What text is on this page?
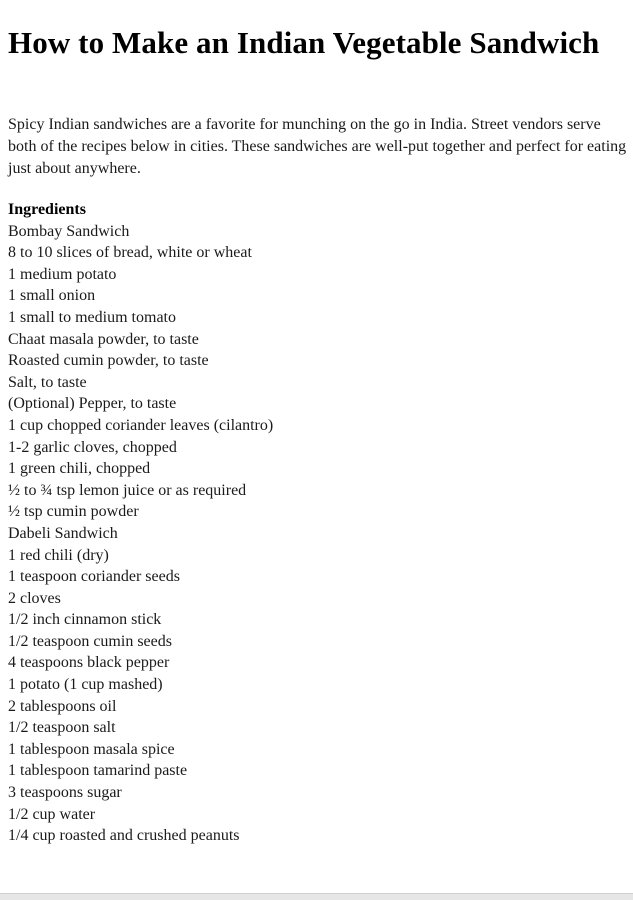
How to Make an Indian Vegetable Sandwich

Spicy Indian sandwiches are a favorite for munching on the go in India. Street vendors serve both of the recipes below in cities. These sandwiches are well-put together and perfect for eating just about anywhere.

Ingredients
Bombay Sandwich
8 to 10 slices of bread, white or wheat
1 medium potato
1 small onion
1 small to medium tomato
Chaat masala powder, to taste
Roasted cumin powder, to taste
Salt, to taste
(Optional) Pepper, to taste
1 cup chopped coriander leaves (cilantro)
1-2 garlic cloves, chopped
1 green chili, chopped
½ to ¾ tsp lemon juice or as required
½ tsp cumin powder
Dabeli Sandwich
1 red chili (dry)
1 teaspoon coriander seeds
2 cloves
1/2 inch cinnamon stick
1/2 teaspoon cumin seeds
4 teaspoons black pepper
1 potato (1 cup mashed)
2 tablespoons oil
1/2 teaspoon salt
1 tablespoon masala spice
1 tablespoon tamarind paste
3 teaspoons sugar
1/2 cup water
1/4 cup roasted and crushed peanuts
